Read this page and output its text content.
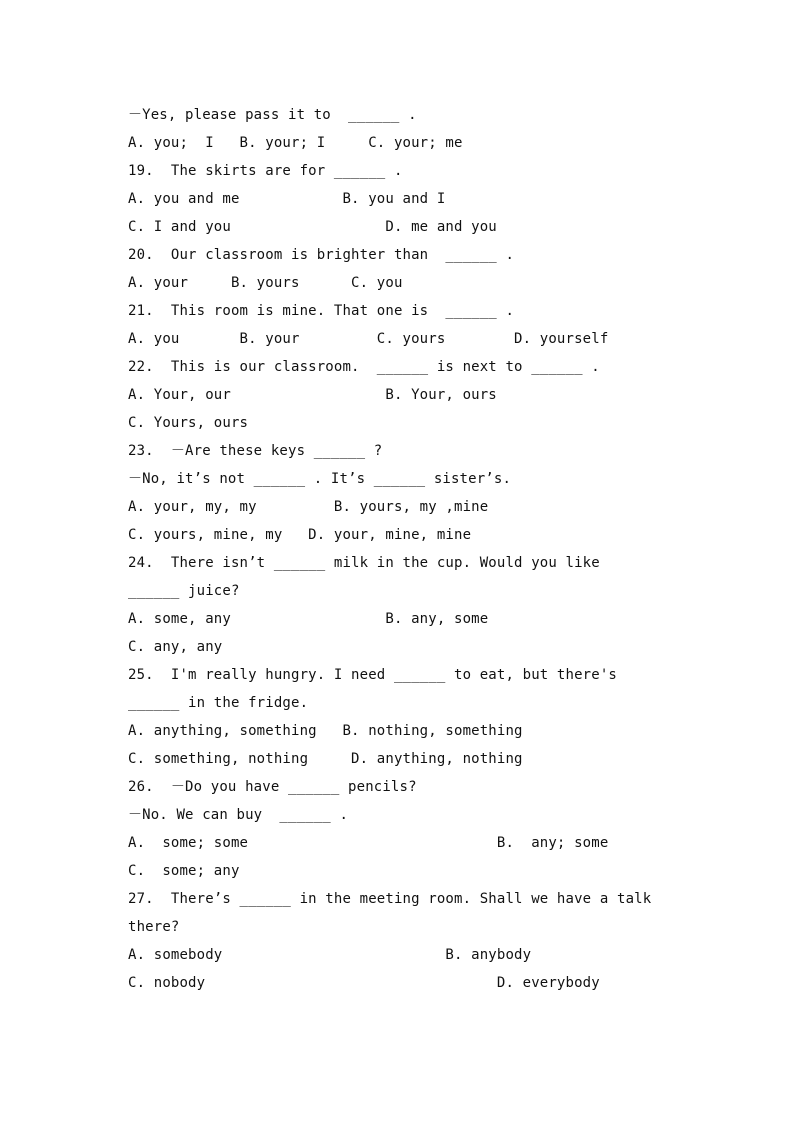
－Yes, please pass it to  ______ .

A. you;  I   B. your; I     C. your; me

19.  The skirts are for ______ .

A. you and me            B. you and I

C. I and you                  D. me and you

20.  Our classroom is brighter than  ______ .

A. your     B. yours      C. you

21.  This room is mine. That one is  ______ .

A. you       B. your         C. yours        D. yourself

22.  This is our classroom.  ______ is next to ______ .

A. Your, our                  B. Your, ours

C. Yours, ours

23.  －Are these keys ______ ?

－No, it’s not ______ . It’s ______ sister’s.

A. your, my, my         B. yours, my ,mine

C. yours, mine, my   D. your, mine, mine

24.  There isn’t ______ milk in the cup. Would you like

______ juice?

A. some, any                  B. any, some

C. any, any

25.  I'm really hungry. I need ______ to eat, but there's

______ in the fridge.

A. anything, something   B. nothing, something

C. something, nothing     D. anything, nothing

26.  －Do you have ______ pencils?

－No. We can buy  ______ .

A.  some; some                             B.  any; some

C.  some; any

27.  There’s ______ in the meeting room. Shall we have a talk

there?

A. somebody                          B. anybody

C. nobody                                  D. everybody
